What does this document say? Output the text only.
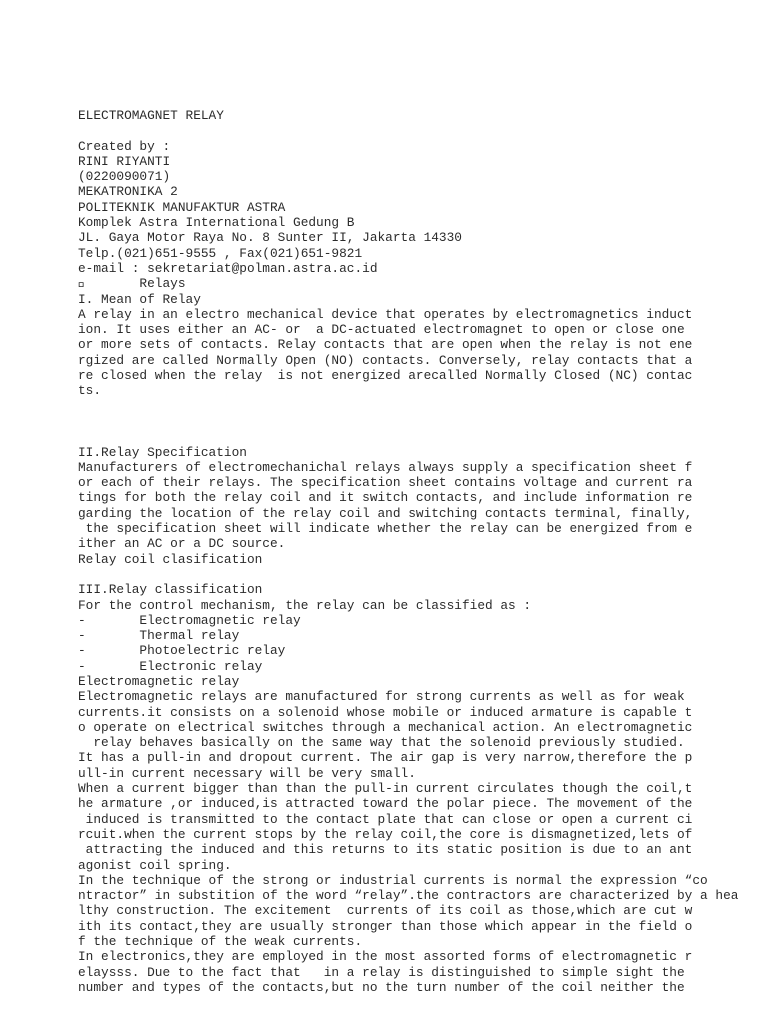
ELECTROMAGNET RELAY
Created by :
RINI RIYANTI
(0220090071)
MEKATRONIKA 2
POLITEKNIK MANUFAKTUR ASTRA
Komplek Astra International Gedung B
JL. Gaya Motor Raya No. 8 Sunter II, Jakarta 14330
Telp.(021)651-9555 , Fax(021)651-9821
e-mail : sekretariat@polman.astra.ac.id
Relays
I. Mean of Relay
A relay in an electro mechanical device that operates by electromagnetics induct
ion. It uses either an AC- or  a DC-actuated electromagnet to open or close one
or more sets of contacts. Relay contacts that are open when the relay is not ene
rgized are called Normally Open (NO) contacts. Conversely, relay contacts that a
re closed when the relay  is not energized arecalled Normally Closed (NC) contac
ts.
II.Relay Specification
Manufacturers of electromechanichal relays always supply a specification sheet f
or each of their relays. The specification sheet contains voltage and current ra
tings for both the relay coil and it switch contacts, and include information re
garding the location of the relay coil and switching contacts terminal, finally,
the specification sheet will indicate whether the relay can be energized from e
ither an AC or a DC source.
Relay coil clasification
III.Relay classification
For the control mechanism, the relay can be classified as :
-       Electromagnetic relay
-       Thermal relay
-       Photoelectric relay
-       Electronic relay
Electromagnetic relay
Electromagnetic relays are manufactured for strong currents as well as for weak
currents.it consists on a solenoid whose mobile or induced armature is capable t
o operate on electrical switches through a mechanical action. An electromagnetic
relay behaves basically on the same way that the solenoid previously studied.
It has a pull-in and dropout current. The air gap is very narrow,therefore the p
ull-in current necessary will be very small.
When a current bigger than than the pull-in current circulates though the coil,t
he armature ,or induced,is attracted toward the polar piece. The movement of the
induced is transmitted to the contact plate that can close or open a current ci
rcuit.when the current stops by the relay coil,the core is dismagnetized,lets of
attracting the induced and this returns to its static position is due to an ant
agonist coil spring.
In the technique of the strong or industrial currents is normal the expression “co
ntractor” in substition of the word “relay”.the contractors are characterized by a hea
lthy construction. The excitement  currents of its coil as those,which are cut w
ith its contact,they are usually stronger than those which appear in the field o
f the technique of the weak currents.
In electronics,they are employed in the most assorted forms of electromagnetic r
elaysss. Due to the fact that   in a relay is distinguished to simple sight the
number and types of the contacts,but no the turn number of the coil neither the
